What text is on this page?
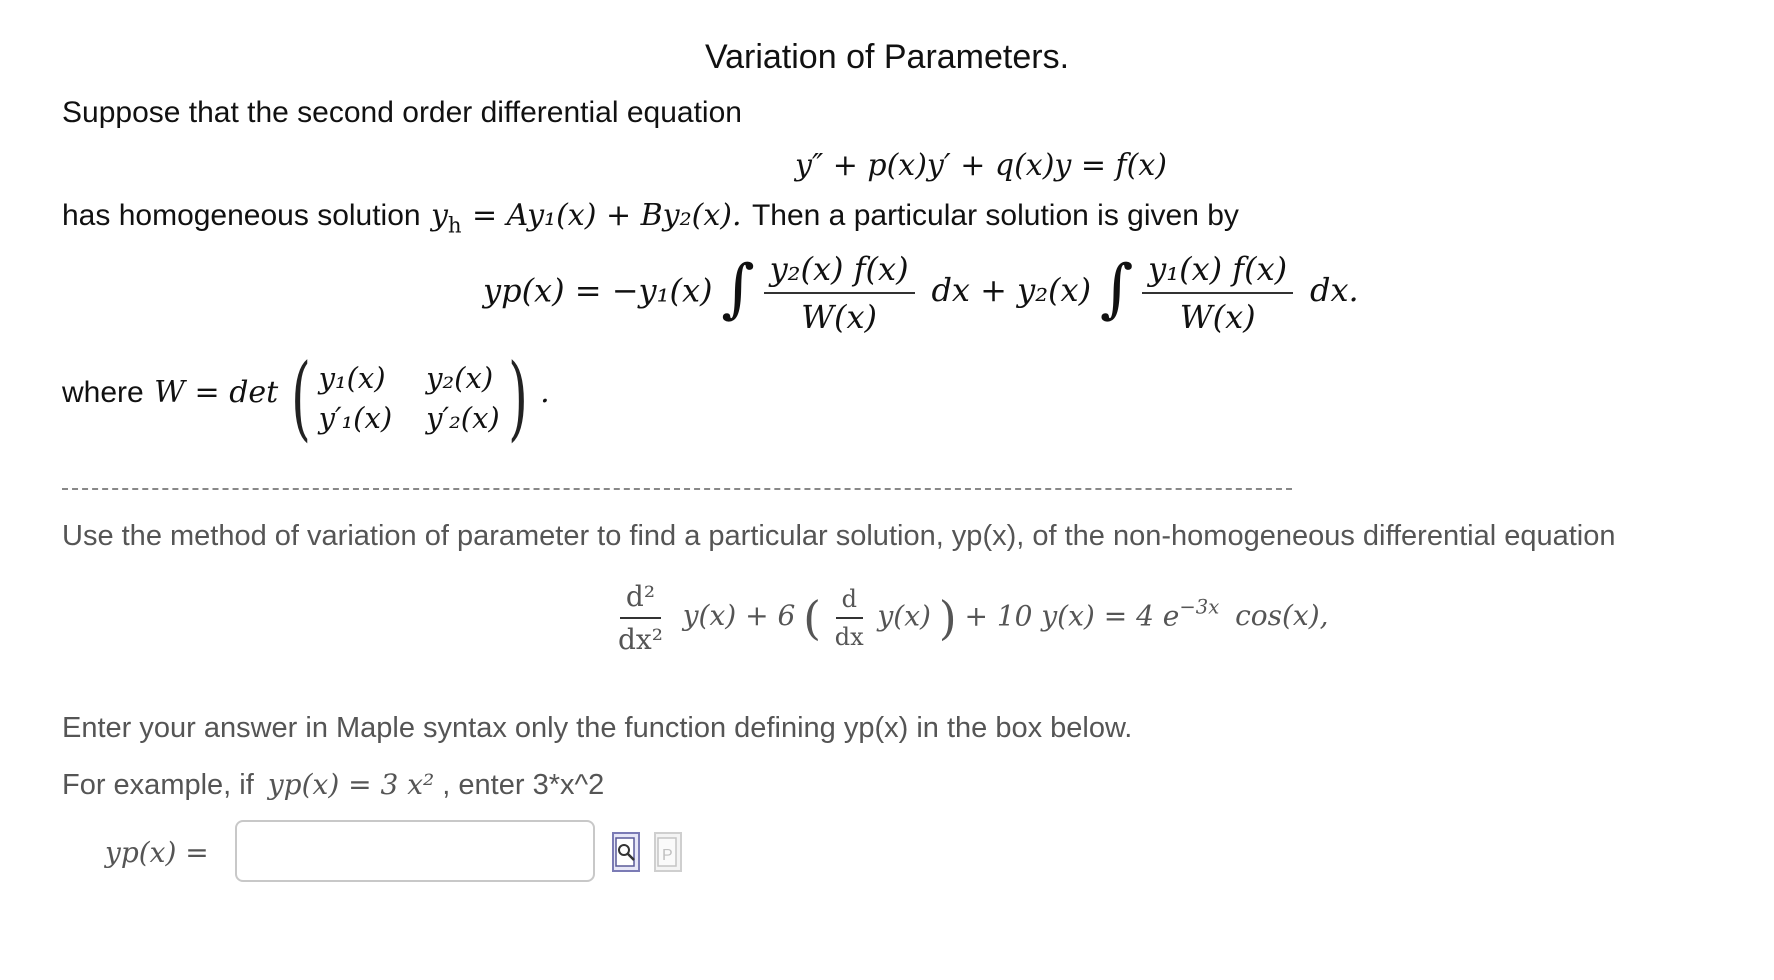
Variation of Parameters.
Suppose that the second order differential equation
y″ + p(x)y′ + q(x)y = f(x)
has homogeneous solution $y_h = Ay_1(x) + By_2(x)$. Then a particular solution is given by
yp(x) = −y₁(x) ∫ $\frac{\text{y₂(x) f(x)}}{W(x)}$ dx + y₂(x) ∫ $\frac{\text{y₁(x) f(x)}}{W(x)}$ dx.
where W = det ( y₁(x) y₂(x)
y′₁(x) y′₂(x) ) .
Use the method of variation of parameter to find a particular solution, yp(x), of the non-homogeneous differential equation
$\frac{\text{d²}}{\text{dx²}} y(x) + 6$ ( $\frac{d}{dx} y(x)$ ) + 10 y(x) = 4 $e^{-3x}$ cos(x),
Enter your answer in Maple syntax only the function defining yp(x) in the box below.
For example, if yp(x) = 3 x² , enter 3*x^2
yp(x) =	P
